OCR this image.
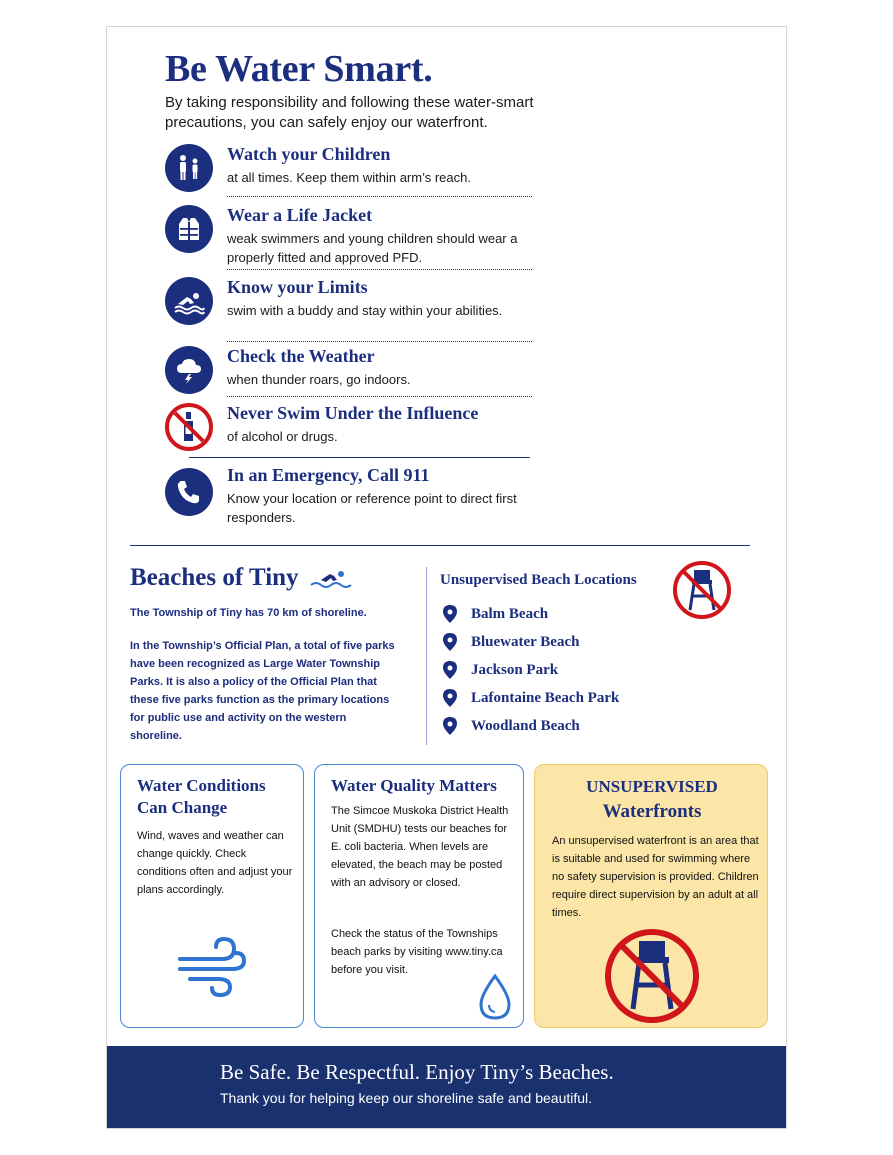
Be Water Smart.

By taking responsibility and following these water-smart precautions, you can safely enjoy our waterfront.

Watch your Children
at all times. Keep them within arm’s reach.
Wear a Life Jacket
weak swimmers and young children should wear a properly fitted and approved PFD.
Know your Limits
swim with a buddy and stay within your abilities.
Check the Weather
when thunder roars, go indoors.
Never Swim Under the Influence
of alcohol or drugs.
In an Emergency, Call 911
Know your location or reference point to direct first responders.
Beaches of Tiny

The Township of Tiny has 70 km of shoreline.

In the Township’s Official Plan, a total of five parks have been recognized as Large Water Township Parks. It is also a policy of the Official Plan that these five parks function as the primary locations for public use and activity on the western shoreline.

Unsupervised Beach Locations
Balm Beach
Bluewater Beach
Jackson Park
Lafontaine Beach Park
Woodland Beach
Water Conditions Can Change

Wind, waves and weather can change quickly. Check conditions often and adjust your plans accordingly.

Water Quality Matters

The Simcoe Muskoka District Health Unit (SMDHU) tests our beaches for E. coli bacteria. When levels are elevated, the beach may be posted with an advisory or closed.

Check the status of the Townships beach parks by visiting www.tiny.ca before you visit.

UNSUPERVISED
Waterfronts

An unsupervised waterfront is an area that is suitable and used for swimming where no safety supervision is provided. Children require direct supervision by an adult at all times.

Be Safe. Be Respectful. Enjoy Tiny’s Beaches.
Thank you for helping keep our shoreline safe and beautiful.
